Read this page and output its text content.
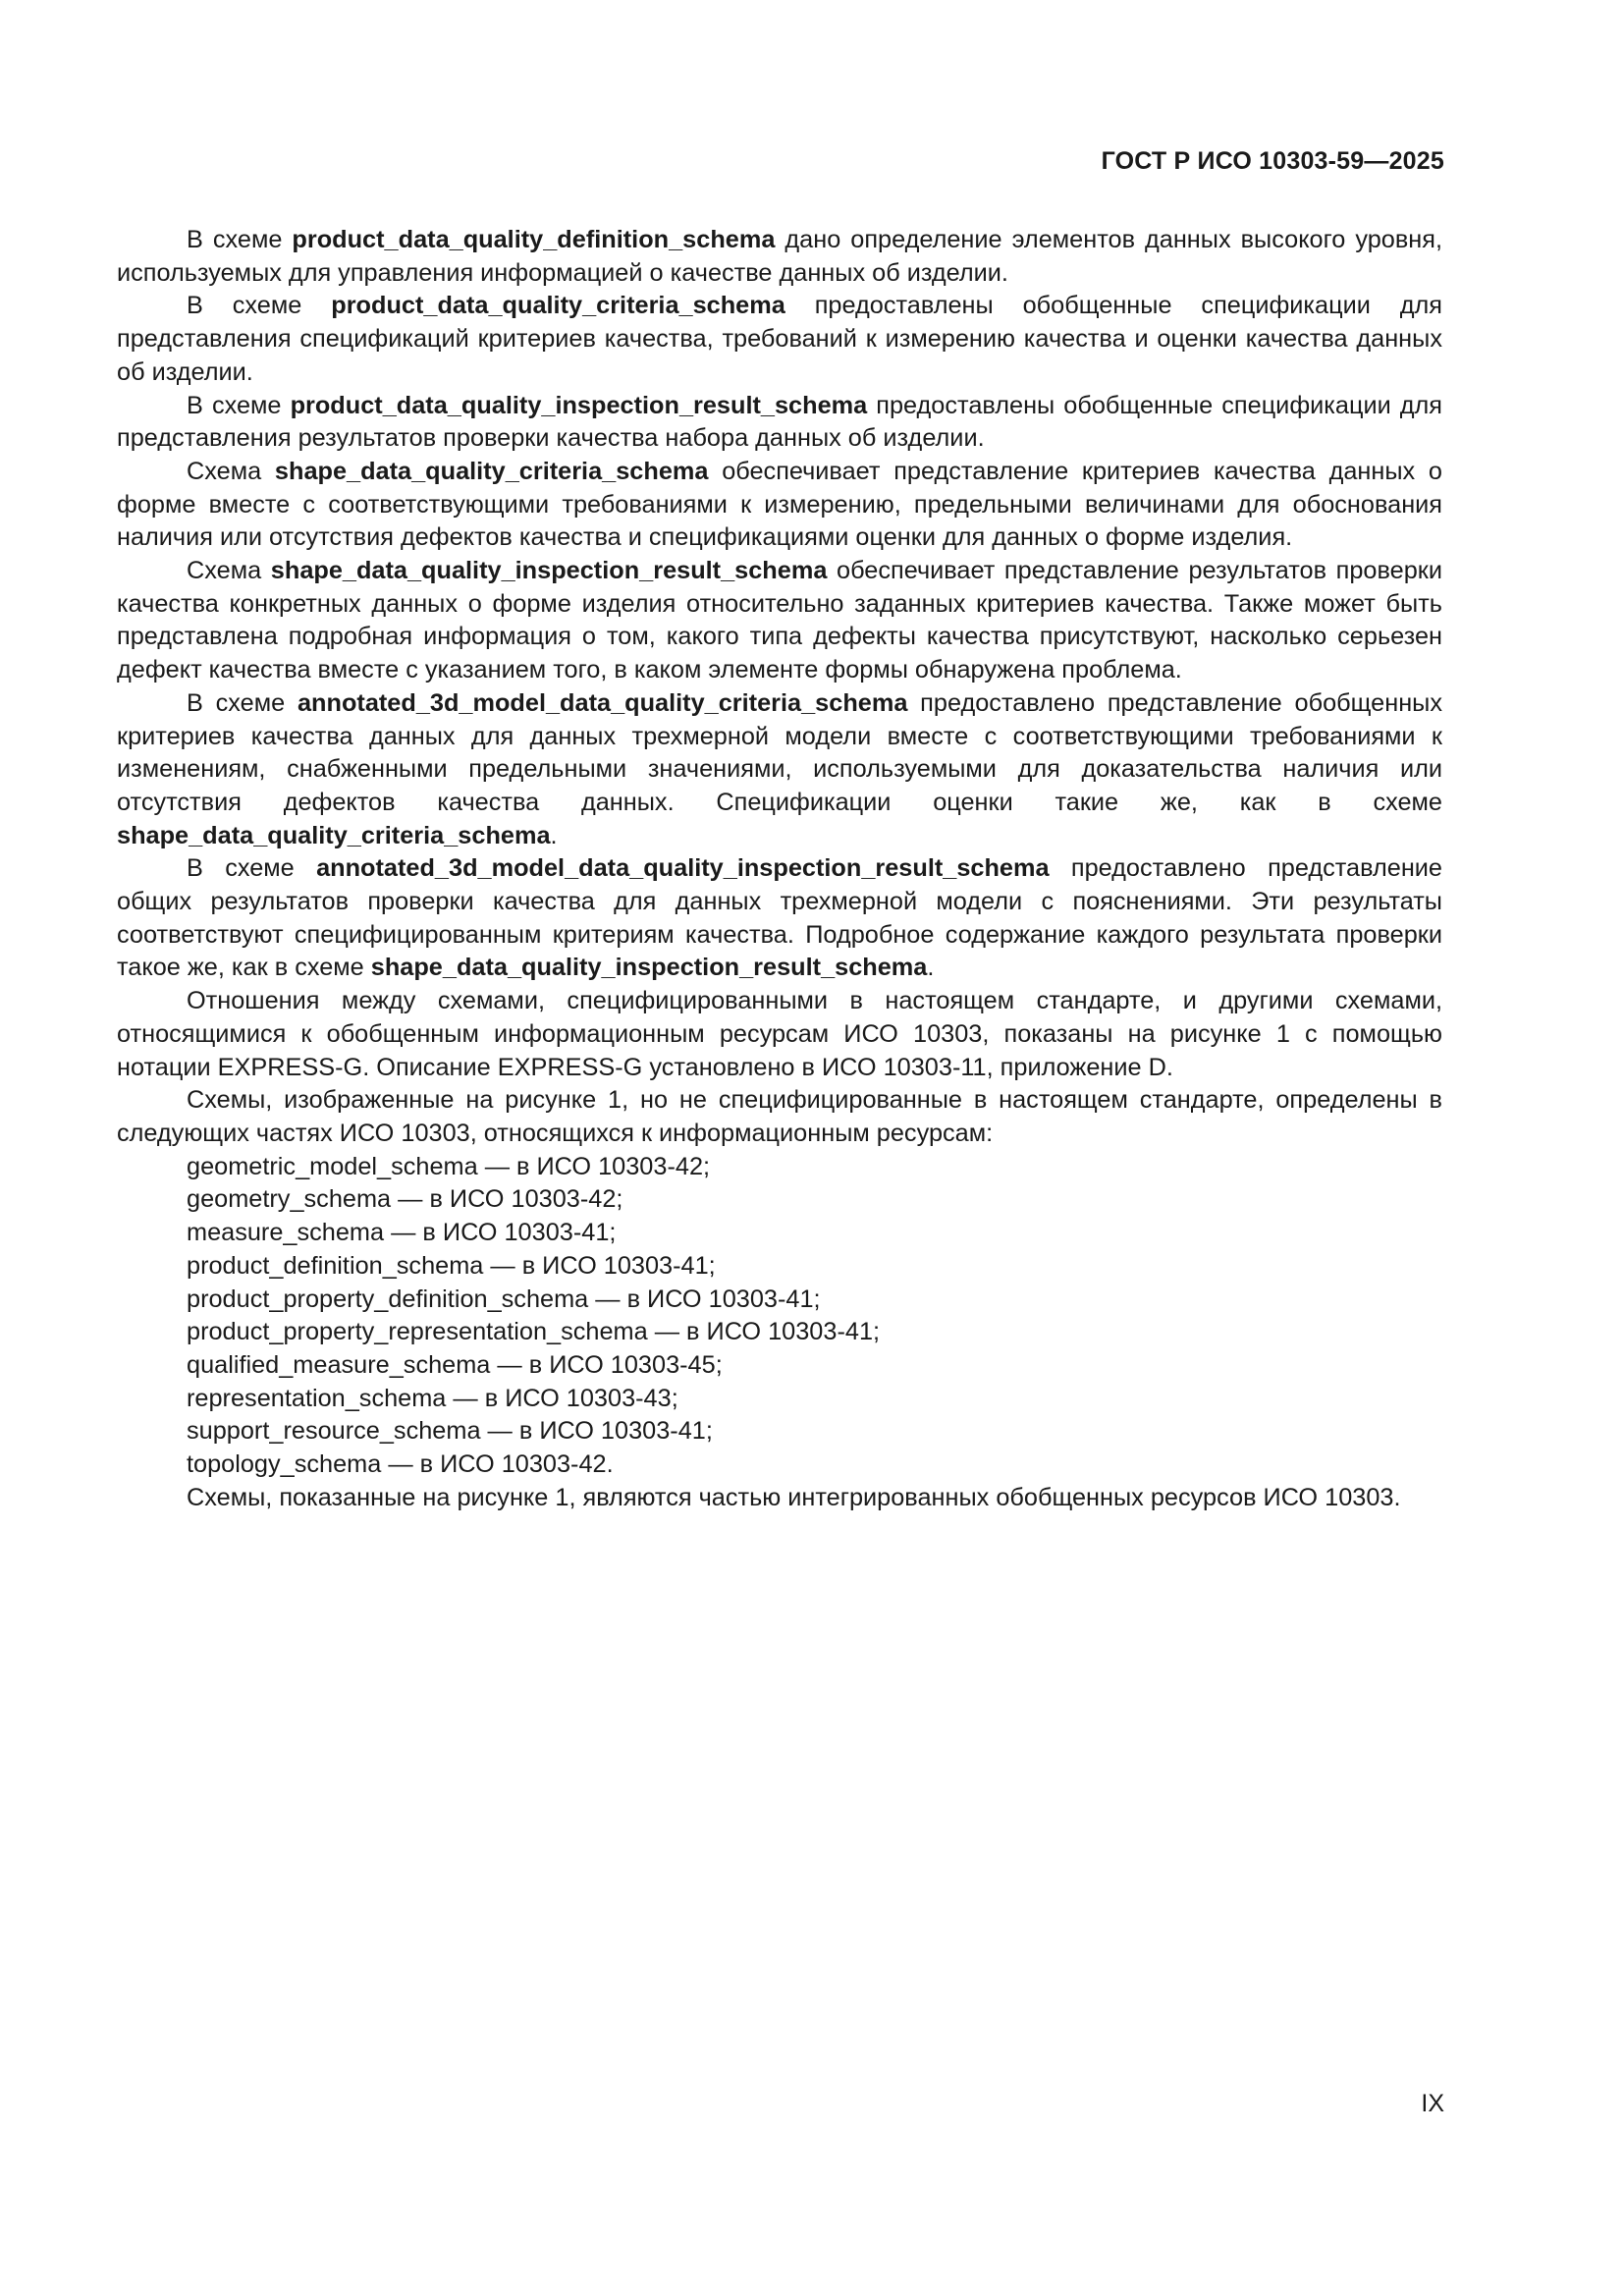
ГОСТ Р ИСО 10303-59—2025

В схеме product_data_quality_definition_schema дано определение элементов данных высокого уровня, используемых для управления информацией о качестве данных об изделии.

В схеме product_data_quality_criteria_schema предоставлены обобщенные спецификации для представления спецификаций критериев качества, требований к измерению качества и оценки качества данных об изделии.

В схеме product_data_quality_inspection_result_schema предоставлены обобщенные спецификации для представления результатов проверки качества набора данных об изделии.

Схема shape_data_quality_criteria_schema обеспечивает представление критериев качества данных о форме вместе с соответствующими требованиями к измерению, предельными величинами для обоснования наличия или отсутствия дефектов качества и спецификациями оценки для данных о форме изделия.

Схема shape_data_quality_inspection_result_schema обеспечивает представление результатов проверки качества конкретных данных о форме изделия относительно заданных критериев качества. Также может быть представлена подробная информация о том, какого типа дефекты качества присутствуют, насколько серьезен дефект качества вместе с указанием того, в каком элементе формы обнаружена проблема.

В схеме annotated_3d_model_data_quality_criteria_schema предоставлено представление обобщенных критериев качества данных для данных трехмерной модели вместе с соответствующими требованиями к изменениям, снабженными предельными значениями, используемыми для доказательства наличия или отсутствия дефектов качества данных. Спецификации оценки такие же, как в схеме shape_data_quality_criteria_schema.

В схеме annotated_3d_model_data_quality_inspection_result_schema предоставлено представление общих результатов проверки качества для данных трехмерной модели с пояснениями. Эти результаты соответствуют специфицированным критериям качества. Подробное содержание каждого результата проверки такое же, как в схеме shape_data_quality_inspection_result_schema.

Отношения между схемами, специфицированными в настоящем стандарте, и другими схемами, относящимися к обобщенным информационным ресурсам ИСО 10303, показаны на рисунке 1 с помощью нотации EXPRESS-G. Описание EXPRESS-G установлено в ИСО 10303-11, приложение D.

Схемы, изображенные на рисунке 1, но не специфицированные в настоящем стандарте, определены в следующих частях ИСО 10303, относящихся к информационным ресурсам:

geometric_model_schema — в ИСО 10303-42;

geometry_schema — в ИСО 10303-42;

measure_schema — в ИСО 10303-41;

product_definition_schema — в ИСО 10303-41;

product_property_definition_schema — в ИСО 10303-41;

product_property_representation_schema — в ИСО 10303-41;

qualified_measure_schema — в ИСО 10303-45;

representation_schema — в ИСО 10303-43;

support_resource_schema — в ИСО 10303-41;

topology_schema — в ИСО 10303-42.

Схемы, показанные на рисунке 1, являются частью интегрированных обобщенных ресурсов ИСО 10303.

IX
